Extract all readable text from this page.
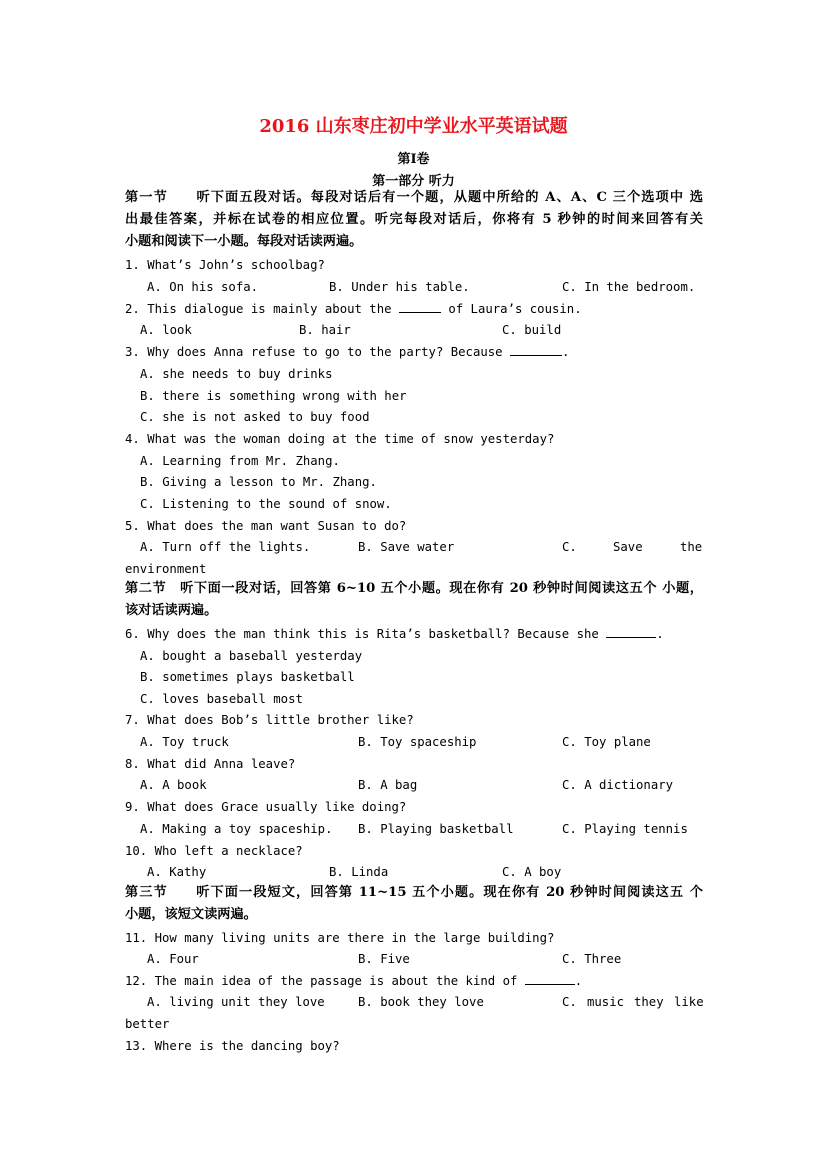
2016 山东枣庄初中学业水平英语试题
第Ⅰ卷
第一部分 听力
第一节　　听下面五段对话。每段对话后有一个题，从题中所给的 A、A、C 三个选项中 选
出最佳答案，并标在试卷的相应位置。听完每段对话后，你将有 5 秒钟的时间来回答有关
小题和阅读下一小题。每段对话读两遍。
1. What’s John’s schoolbag?
A. On his sofa.	B. Under his table.	C. In the bedroom.
2. This dialogue is mainly about the	of Laura’s cousin.
A. look	B. hair	C. build
3. Why does Anna refuse to go to the party? Because	.
A. she needs to buy drinks
B. there is something wrong with her
C. she is not asked to buy food
4. What was the woman doing at the time of snow yesterday?
A. Learning from Mr. Zhang.
B. Giving a lesson to Mr. Zhang.
C. Listening to the sound of snow.
5. What does the man want Susan to do?
A. Turn off the lights.	B. Save water	C.	Save	the
environment
第二节　听下面一段对话，回答第 6~10 五个小题。现在你有 20 秒钟时间阅读这五个 小题，
该对话读两遍。
6. Why does the man think this is Rita’s basketball? Because she	.
A. bought a baseball yesterday
B. sometimes plays basketball
C. loves baseball most
7. What does Bob’s little brother like?
A. Toy truck	B. Toy spaceship	C. Toy plane
8. What did Anna leave?
A. A book	B. A bag	C. A dictionary
9. What does Grace usually like doing?
A. Making a toy spaceship. B. Playing basketball	C. Playing tennis
10. Who left a necklace?
A. Kathy	B. Linda	C. A boy
第三节　　听下面一段短文，回答第 11~15 五个小题。现在你有 20 秒钟时间阅读这五 个
小题，该短文读两遍。
11. How many living units are there in the large building?
A. Four	B. Five	C. Three
12. The main idea of the passage is about the kind of	.
A. living unit they love	B. book they love	C. music they like
better
13. Where is the dancing boy?
